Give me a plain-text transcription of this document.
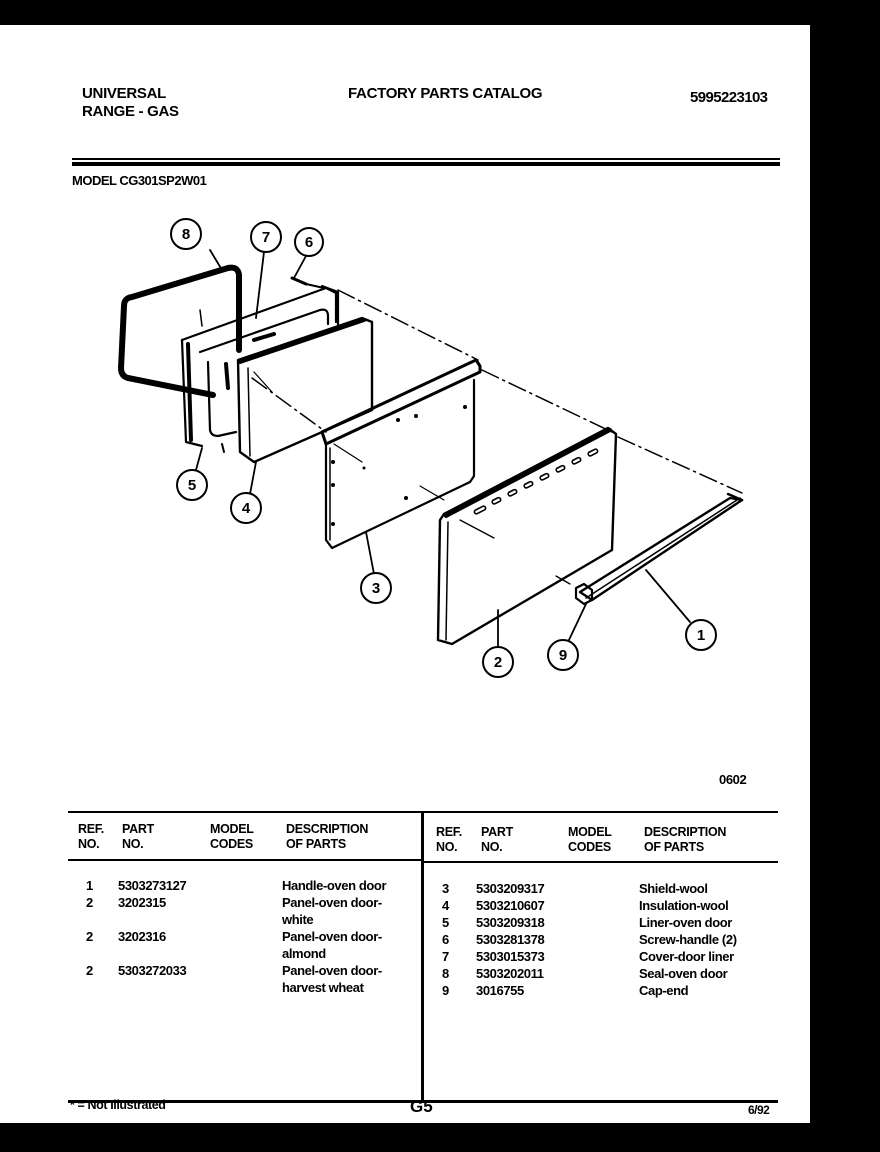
UNIVERSAL
RANGE - GAS
FACTORY PARTS CATALOG	5995223103
MODEL CG301SP2W01
8	7 6
5
4
3
2	9
1
0602
REF.
NO.
PART
NO.
MODEL
CODES
DESCRIPTION
OF PARTS
REF.
NO.
PART
NO.
MODEL
CODES
DESCRIPTION
OF PARTS
1 5303273127	Handle-oven door
2 3202315	Panel-oven door-
white
2 3202316	Panel-oven door-
almond
2 5303272033	Panel-oven door-
harvest wheat
3 5303209317	Shield-wool
4 5303210607	Insulation-wool
5 5303209318	Liner-oven door
6 5303281378	Screw-handle (2)
7 5303015373	Cover-door liner
8 5303202011	Seal-oven door
9 3016755	Cap-end
* = Not Illustrated	G5	6/92
